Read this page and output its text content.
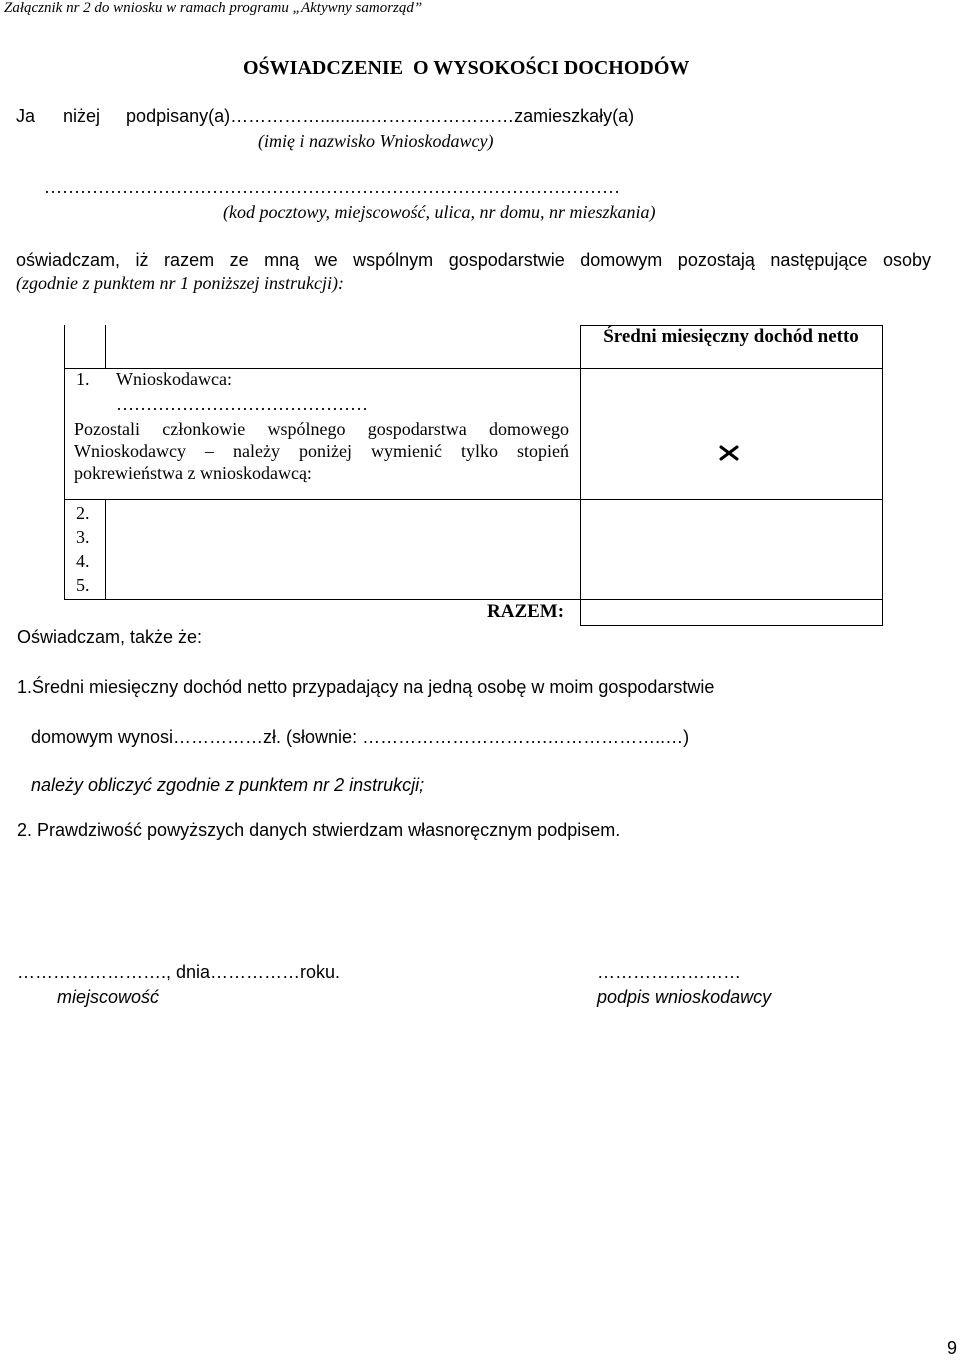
Załącznik nr 2 do wniosku w ramach programu „Aktywny samorząd”
OŚWIADCZENIE  O WYSOKOŚCI DOCHODÓW
Ja niżej podpisany(a)……………..........……………………zamieszkały(a)
(imię i nazwisko Wnioskodawcy)
……………………………………………………………………………………
(kod pocztowy, miejscowość, ulica, nr domu, nr mieszkania)
oświadczam, iż razem ze mną we wspólnym gospodarstwie domowym pozostają następujące osoby
(zgodnie z punktem nr 1 poniższej instrukcji):
Średni miesięczny dochód netto
1. Wnioskodawca:
……………………………………
Pozostali członkowie wspólnego gospodarstwa domowego
Wnioskodawcy – należy poniżej wymienić tylko stopień
pokrewieństwa z wnioskodawcą:
2.
3.
4.
5.
RAZEM:
Oświadczam, także że:
1.Średni miesięczny dochód netto przypadający na jedną osobę w moim gospodarstwie
domowym wynosi……………zł. (słownie: ………………………….………………..…)
należy obliczyć zgodnie z punktem nr 2 instrukcji;
2. Prawdziwość powyższych danych stwierdzam własnoręcznym podpisem.
……………………., dnia……………roku.
miejscowość
……………………
podpis wnioskodawcy
9
